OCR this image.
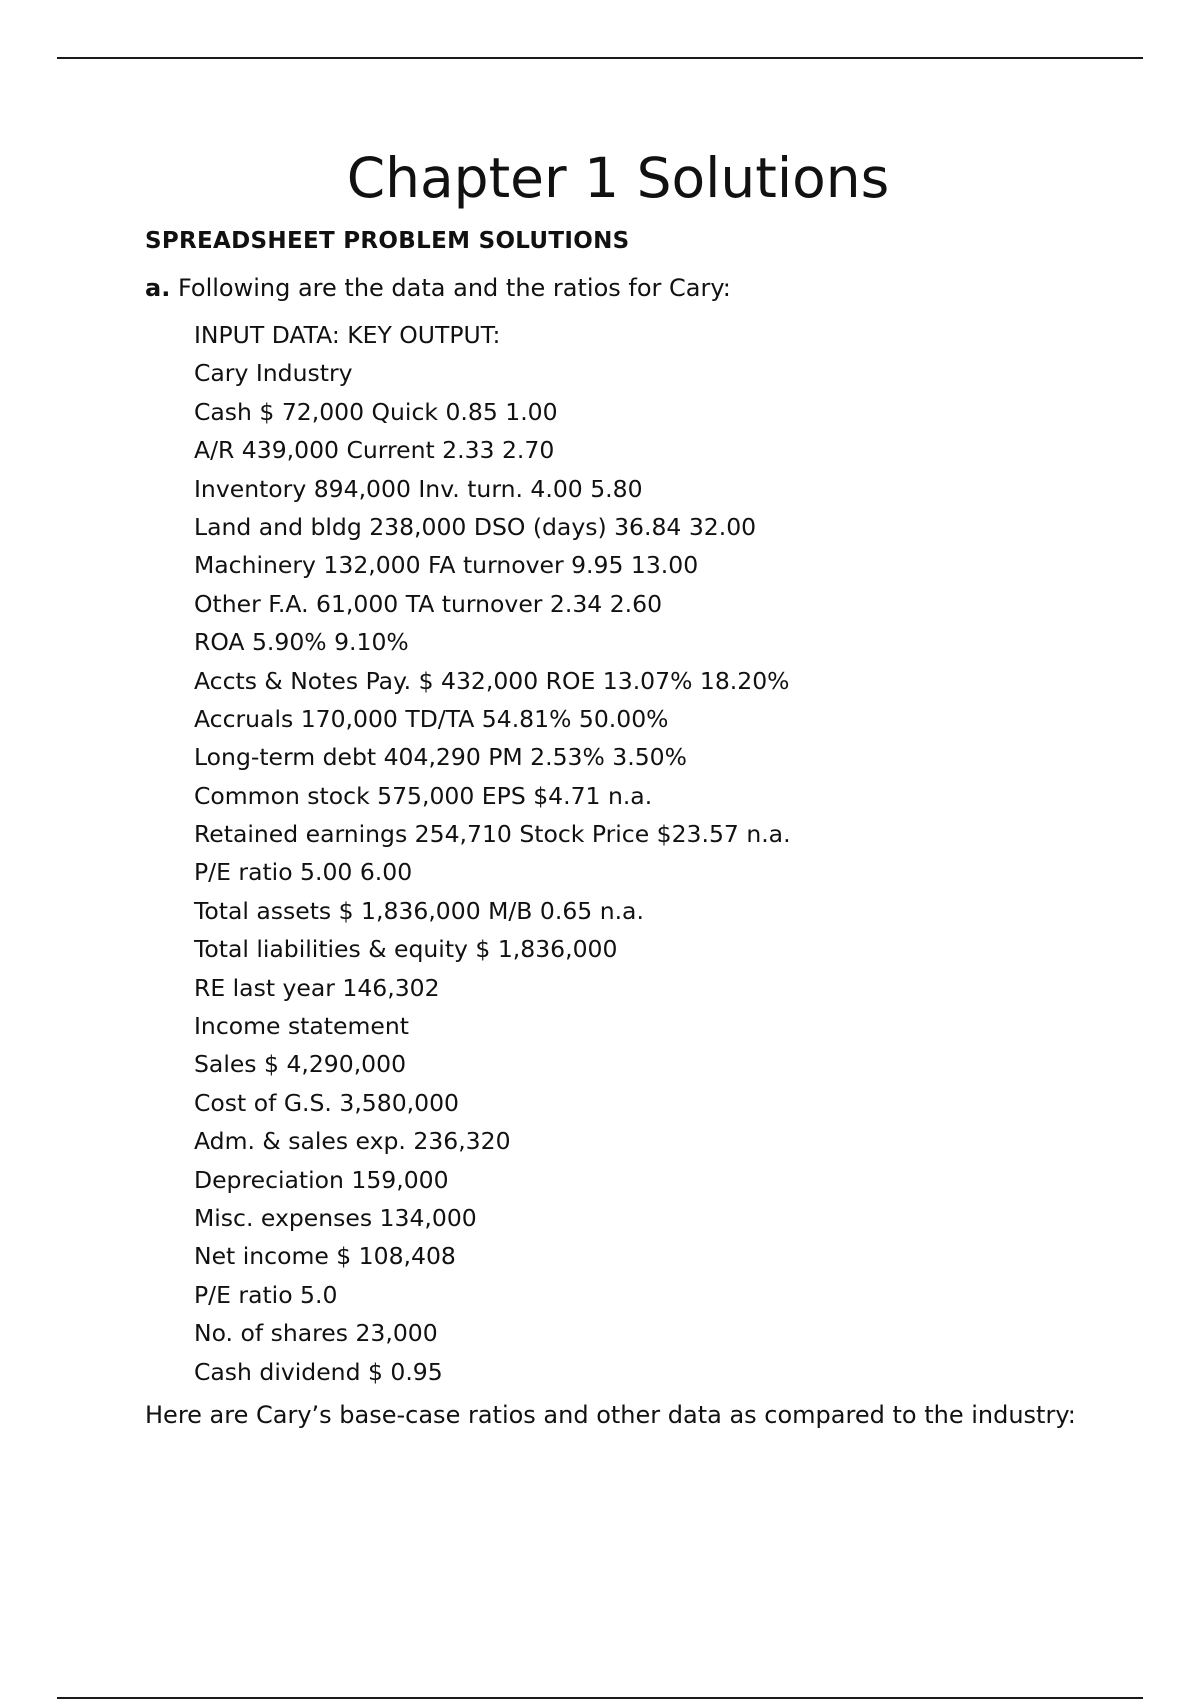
Chapter 1 Solutions
SPREADSHEET PROBLEM SOLUTIONS

a. Following are the data and the ratios for Cary:

INPUT DATA: KEY OUTPUT:
Cary Industry
Cash $ 72,000 Quick 0.85 1.00
A/R 439,000 Current 2.33 2.70
Inventory 894,000 Inv. turn. 4.00 5.80
Land and bldg 238,000 DSO (days) 36.84 32.00
Machinery 132,000 FA turnover 9.95 13.00
Other F.A. 61,000 TA turnover 2.34 2.60
ROA 5.90% 9.10%
Accts & Notes Pay. $ 432,000 ROE 13.07% 18.20%
Accruals 170,000 TD/TA 54.81% 50.00%
Long-term debt 404,290 PM 2.53% 3.50%
Common stock 575,000 EPS $4.71 n.a.
Retained earnings 254,710 Stock Price $23.57 n.a.
P/E ratio 5.00 6.00
Total assets $ 1,836,000 M/B 0.65 n.a.
Total liabilities & equity $ 1,836,000
RE last year 146,302
Income statement
Sales $ 4,290,000
Cost of G.S. 3,580,000
Adm. & sales exp. 236,320
Depreciation 159,000
Misc. expenses 134,000
Net income $ 108,408
P/E ratio 5.0
No. of shares 23,000
Cash dividend $ 0.95

Here are Cary’s base-case ratios and other data as compared to the industry:
